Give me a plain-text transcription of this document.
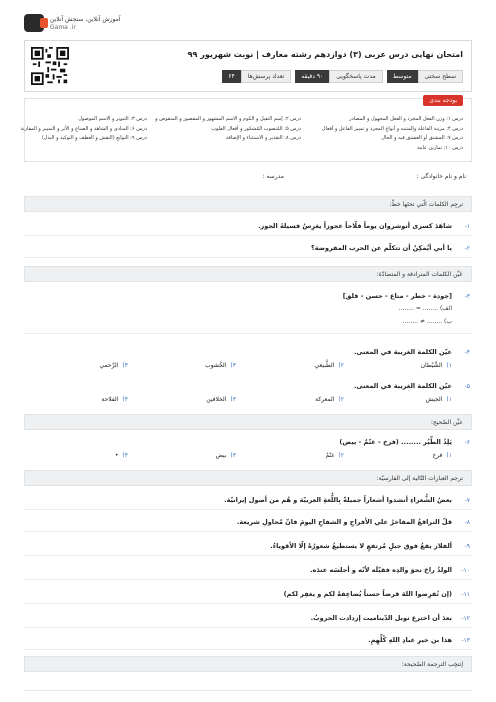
آموزش آنلاین، سنجش آنلاین
Gama .ir
امتحان نهایی درس عربی (۳) دوازدهم رشته معارف | نوبت شهریور ۹۹
تعداد پرسش‌ها
۶۴	مدت پاسخگویی
۹۰ دقیقه	سطح سختی
متوسط
بودجه بندی
درس ۱: وزن الفعل المجرد و الفعل المجهول و المصادر
درس ۴: مرتبة الفاعلة والمتنبه و أنواع المجرد و تمييز الفاعل و أفعال
درس ۷: المشتق أو العشتق فيه و الحال
درس ۱۰: تمارين عامة
درس ۲: إسم التفيل و الكوم و الاسم المشهور و المقصور و المنقوص و
درس ۵: المُنصوب المُشكور و أفعال القلوب
درس ۸: التقدير و الاستثناء و الإضافة
درس ۳: التنوير و الاسم الموصول
درس ۶: المنادى و الشاهد و الصناع و الأثر و التمييز و المقارنة
درس ۹: التوابع (النقش و العطف و التوكيد و البدل)
نام و نام خانوادگی :
مدرسه :
ترجِم الكلمات الّتي تحتَها خطّ:
۱-
شاهَدَ كسرى أنوشروان يوماً فلّاحاً عجوزاً يغرِسُ فسيلةَ الجوز.
۲-
يا أبي أيُمكِنُ أن تتكلّم عن الحرب المفروضة؟
عَيِّن الكلمات المترادفة و المتضادّة:
۳-
[جودة - خطر - متاع - حسن - قلق]
الف) ........ = ........
ب) ........ ≠ ........
۴-
عيّن الكلمة الغريبة في المعنى.
۱)الشَّيْطان
۲)الطَّبيعي
۳)الخُشوب
۴)الرِّحمي
۵-
عيّن الكلمة الغريبة في المعنى.
۱)الجيش
۲)المعركة
۳)الخلافين
۴)الفلاحة
عيِّن الصّحيح:
۶-
يَلِدُ الطِّبُر ........ (فرخ - غنّمٌ - بيض)
۱)فرخ
۲)غنّمٌ
۳)بيض
۴)•
ترجم العبارات التّالية إلى الفارسيّة:
۷-
بعضُ الشُّعراءِ أنشدوا أشعاراً جميلةً بِاللُّغةِ العربيّة و هُم من أصول إيرانيّة.
۸-
قلّ التراقعُ المفاخرُ علي الأفراحِ و الشفاحِ اليومَ فانّ مُحاولِ شريعة.
۹-
ألفلاز يقعُ فوق جبلٍ مُرتفعٍ لا يستطيعُ شعورُهُ إلّا الأقوياءُ.
۱۰-
الولدُ راحَ نحوَ والدِه فقبّلَه لأنّه و أجلسَه عندَه.
۱۱-
(إن تُقرِضوا اللهَ قرضاً حسناً يُضاعِفهُ لكم و يغفِر لكم)
۱۲-
بعدَ أن اخترع نوبل الدّيناميت إزدادت الحروبُ.
۱۳-
هذا بن خيرِ عبادِ اللهِ كُلِّهِمِ.
إنتخِب الترجمة الصّحيحة:
